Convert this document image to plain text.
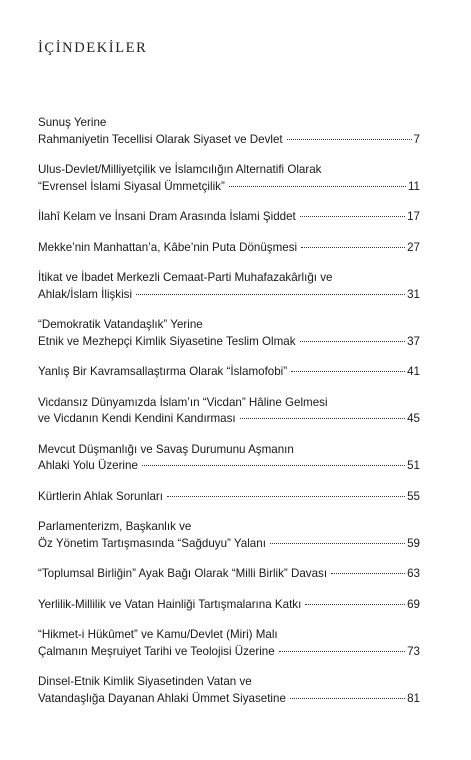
İÇİNDEKİLER
Sunuş Yerine
Rahmaniyetin Tecellisi Olarak Siyaset ve Devlet	7
Ulus-Devlet/Milliyetçilik ve İslamcılığın Alternatifi Olarak
“Evrensel İslami Siyasal Ümmetçilik”	11
İlahî Kelam ve İnsani Dram Arasında İslami Şiddet	17
Mekke’nin Manhattan’a, Kâbe’nin Puta Dönüşmesi	27
İtikat ve İbadet Merkezli Cemaat-Parti Muhafazakârlığı ve
Ahlak/İslam İlişkisi	31
“Demokratik Vatandaşlık” Yerine
Etnik ve Mezhepçi Kimlik Siyasetine Teslim Olmak	37
Yanlış Bir Kavramsallaştırma Olarak “İslamofobi”	41
Vicdansız Dünyamızda İslam’ın “Vicdan” Hâline Gelmesi
ve Vicdanın Kendi Kendini Kandırması	45
Mevcut Düşmanlığı ve Savaş Durumunu Aşmanın
Ahlaki Yolu Üzerine	51
Kürtlerin Ahlak Sorunları	55
Parlamenterizm, Başkanlık ve
Öz Yönetim Tartışmasında “Sağduyu” Yalanı	59
“Toplumsal Birliğin” Ayak Bağı Olarak “Milli Birlik” Davası	63
Yerlilik-Millilik ve Vatan Hainliği Tartışmalarına Katkı	69
“Hikmet-i Hükûmet” ve Kamu/Devlet (Miri) Malı
Çalmanın Meşruiyet Tarihi ve Teolojisi Üzerine	73
Dinsel-Etnik Kimlik Siyasetinden Vatan ve
Vatandaşlığa Dayanan Ahlaki Ümmet Siyasetine	81
